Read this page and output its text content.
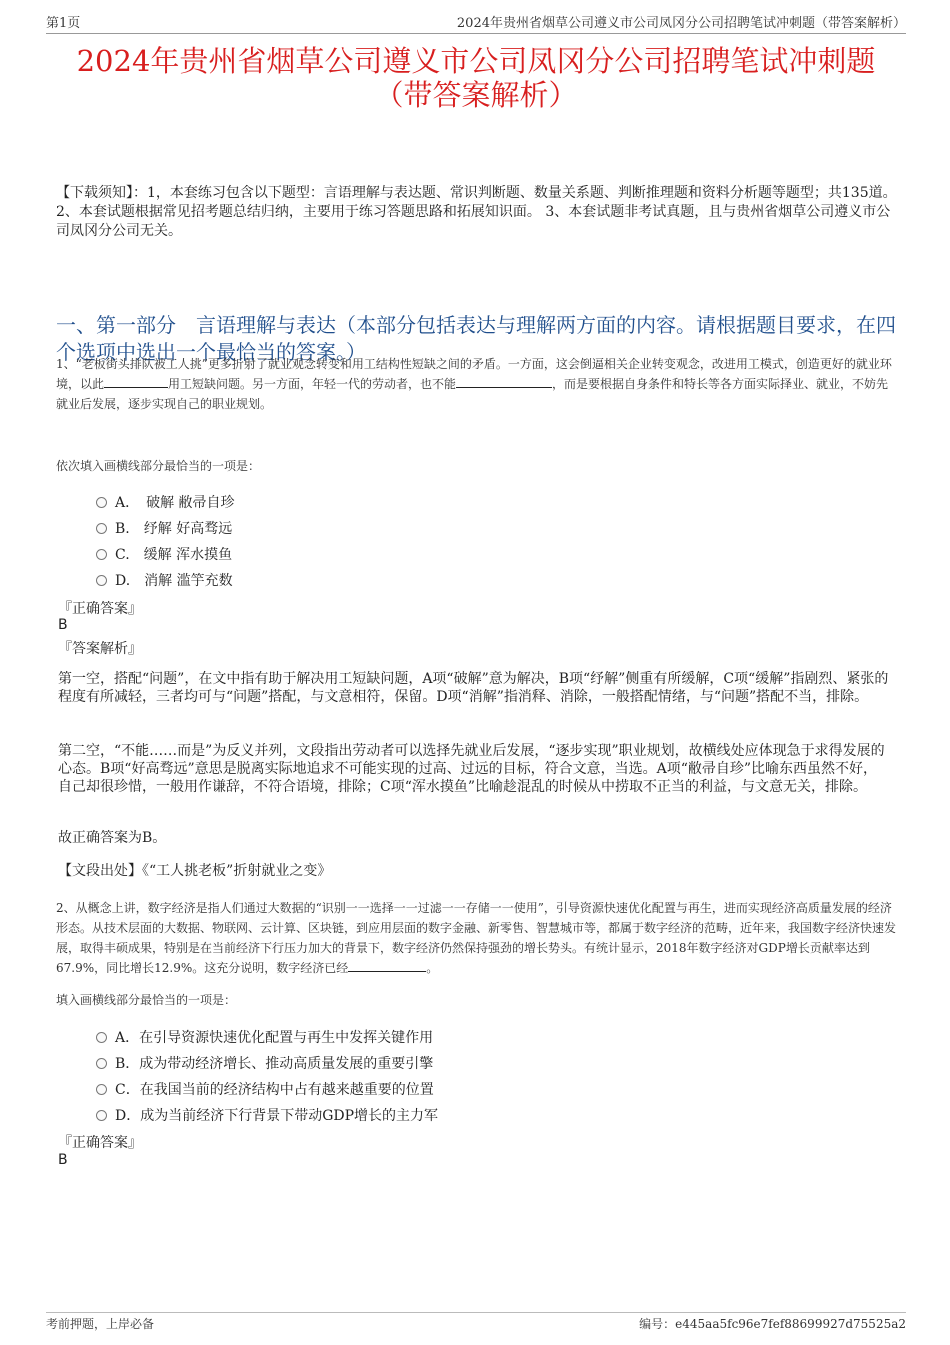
第1页	2024年贵州省烟草公司遵义市公司凤冈分公司招聘笔试冲刺题（带答案解析）
2024年贵州省烟草公司遵义市公司凤冈分公司招聘笔试冲刺题
（带答案解析）
【下载须知】：1，本套练习包含以下题型：言语理解与表达题、常识判断题、数量关系题、判断推理题和资料分析题等题型；共135道。 2、本套试题根据常见招考题总结归纳，主要用于练习答题思路和拓展知识面。 3、本套试题非考试真题，且与贵州省烟草公司遵义市公司凤冈分公司无关。
一、第一部分　言语理解与表达（本部分包括表达与理解两方面的内容。请根据题目要求，在四个选项中选出一个最恰当的答案。）
1、“老板街头排队被工人挑”更多折射了就业观念转变和用工结构性短缺之间的矛盾。一方面，这会倒逼相关企业转变观念，改进用工模式，创造更好的就业环境，以此	用工短缺问题。另一方面，年轻一代的劳动者，也不能	，而是要根据自身条件和特长等各方面实际择业、就业，不妨先就业后发展，逐步实现自己的职业规划。
依次填入画横线部分最恰当的一项是：
A．　破解 敝帚自珍
B.　纾解 好高骛远
C.　缓解 浑水摸鱼
D.　消解 滥竽充数
『正确答案』
B
『答案解析』
第一空，搭配“问题”，在文中指有助于解决用工短缺问题，A项“破解”意为解决，B项“纾解”侧重有所缓解，C项“缓解”指剧烈、紧张的程度有所减轻，三者均可与“问题”搭配，与文意相符，保留。D项“消解”指消释、消除，一般搭配情绪，与“问题”搭配不当，排除。
第二空，“不能……而是”为反义并列，文段指出劳动者可以选择先就业后发展，“逐步实现”职业规划，故横线处应体现急于求得发展的心态。B项“好高骛远”意思是脱离实际地追求不可能实现的过高、过远的目标，符合文意，当选。A项“敝帚自珍”比喻东西虽然不好，自己却很珍惜，一般用作谦辞，不符合语境，排除；C项“浑水摸鱼”比喻趁混乱的时候从中捞取不正当的利益，与文意无关，排除。
故正确答案为B。
【文段出处】《“工人挑老板”折射就业之变》
2、从概念上讲，数字经济是指人们通过大数据的“识别一一选择一一过滤一一存储一一使用”，引导资源快速优化配置与再生，进而实现经济高质量发展的经济形态。从技术层面的大数据、物联网、云计算、区块链，到应用层面的数字金融、新零售、智慧城市等，都属于数字经济的范畴，近年来，我国数字经济快速发展，取得丰硕成果，特别是在当前经济下行压力加大的背景下，数字经济仍然保持强劲的增长势头。有统计显示，2018年数字经济对GDP增长贡献率达到67.9%，同比增长12.9%。这充分说明，数字经济已经	。
填入画横线部分最恰当的一项是：
A．在引导资源快速优化配置与再生中发挥关键作用
B．成为带动经济增长、推动高质量发展的重要引擎
C．在我国当前的经济结构中占有越来越重要的位置
D．成为当前经济下行背景下带动GDP增长的主力军
『正确答案』
B
考前押题，上岸必备	编号：e445aa5fc96e7fef88699927d75525a2
